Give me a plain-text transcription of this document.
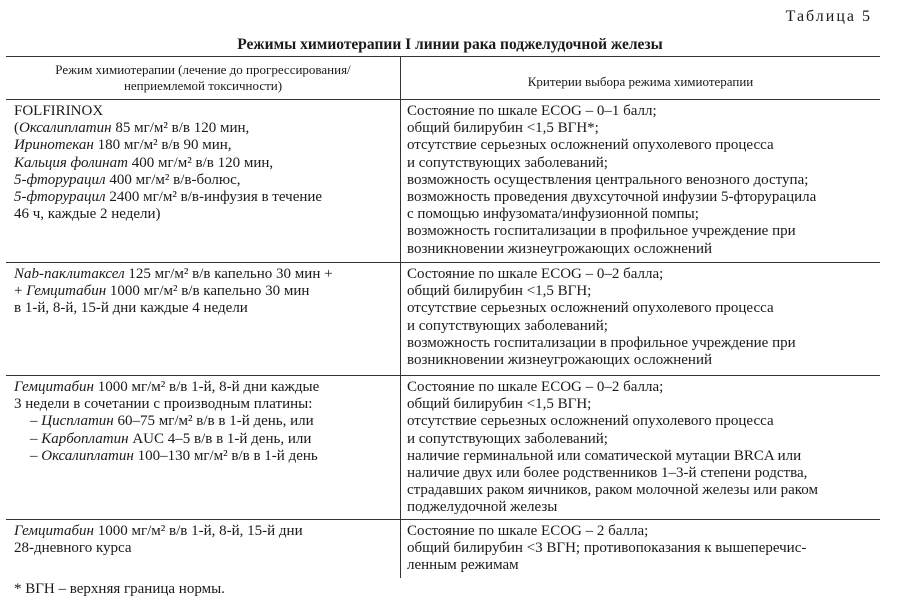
Таблица 5
Режимы химиотерапии I линии рака поджелудочной железы
Режим химиотерапии (лечение до прогрессирования/
неприемлемой токсичности)	Критерии выбора режима химиотерапии
FOLFIRINOX
(Оксалиплатин 85 мг/м² в/в 120 мин,
Иринотекан 180 мг/м² в/в 90 мин,
Кальция фолинат 400 мг/м² в/в 120 мин,
5-фторурацил 400 мг/м² в/в-болюс,
5-фторурацил 2400 мг/м² в/в-инфузия в течение
46 ч, каждые 2 недели)
Состояние по шкале ECOG – 0–1 балл;
общий билирубин <1,5 ВГН*;
отсутствие серьезных осложнений опухолевого процесса
и сопутствующих заболеваний;
возможность осуществления центрального венозного доступа;
возможность проведения двухсуточной инфузии 5-фторурацила
с помощью инфузомата/инфузионной помпы;
возможность госпитализации в профильное учреждение при
возникновении жизнеугрожающих осложнений
Nab-паклитаксел 125 мг/м² в/в капельно 30 мин +
+ Гемцитабин 1000 мг/м² в/в капельно 30 мин
в 1-й, 8-й, 15-й дни каждые 4 недели
Состояние по шкале ECOG – 0–2 балла;
общий билирубин <1,5 ВГН;
отсутствие серьезных осложнений опухолевого процесса
и сопутствующих заболеваний;
возможность госпитализации в профильное учреждение при
возникновении жизнеугрожающих осложнений
Гемцитабин 1000 мг/м² в/в 1-й, 8-й дни каждые
3 недели в сочетании с производным платины:
– Цисплатин 60–75 мг/м² в/в в 1-й день, или
– Карбоплатин AUC 4–5 в/в в 1-й день, или
– Оксалиплатин 100–130 мг/м² в/в в 1-й день
Состояние по шкале ECOG – 0–2 балла;
общий билирубин <1,5 ВГН;
отсутствие серьезных осложнений опухолевого процесса
и сопутствующих заболеваний;
наличие герминальной или соматической мутации BRCA или
наличие двух или более родственников 1–3-й степени родства,
страдавших раком яичников, раком молочной железы или раком
поджелудочной железы
Гемцитабин 1000 мг/м² в/в 1-й, 8-й, 15-й дни
28-дневного курса
Состояние по шкале ECOG – 2 балла;
общий билирубин <3 ВГН; противопоказания к вышеперечис-
ленным режимам
* ВГН – верхняя граница нормы.
